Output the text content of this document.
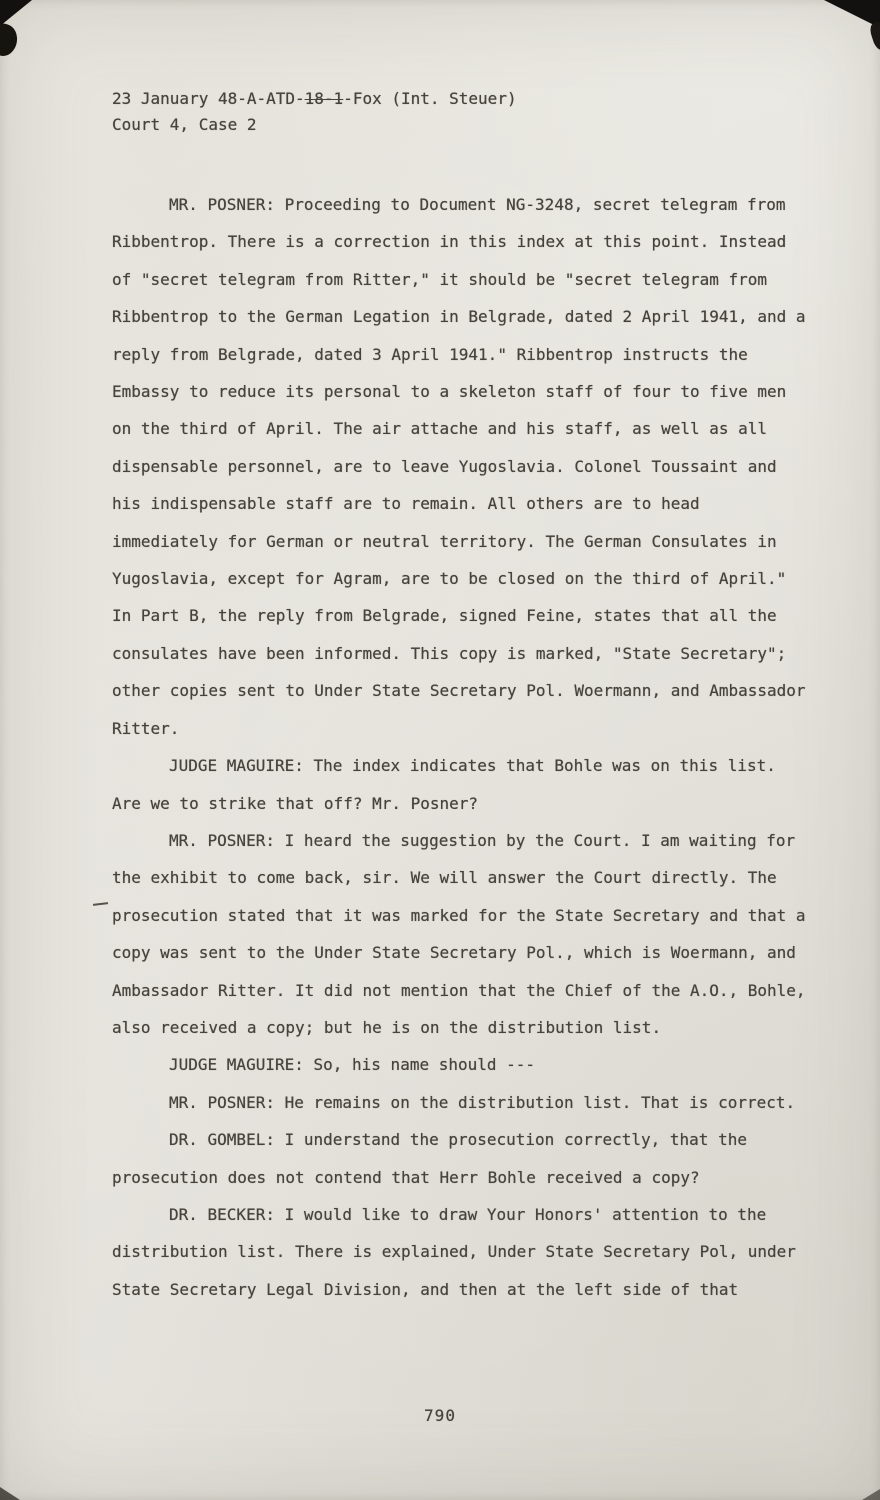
23 January 48-A-ATD-18-1-Fox (Int. Steuer)
Court 4, Case 2

MR. POSNER: Proceeding to Document NG-3248, secret telegram from Ribbentrop. There is a correction in this index at this point. Instead of "secret telegram from Ritter," it should be "secret telegram from Ribbentrop to the German Legation in Belgrade, dated 2 April 1941, and a reply from Belgrade, dated 3 April 1941." Ribbentrop instructs the Embassy to reduce its personal to a skeleton staff of four to five men on the third of April. The air attache and his staff, as well as all dispensable personnel, are to leave Yugoslavia. Colonel Toussaint and his indispensable staff are to remain. All others are to head immediately for German or neutral territory. The German Consulates in Yugoslavia, except for Agram, are to be closed on the third of April." In Part B, the reply from Belgrade, signed Feine, states that all the consulates have been informed. This copy is marked, "State Secretary"; other copies sent to Under State Secretary Pol. Woermann, and Ambassador Ritter.

JUDGE MAGUIRE: The index indicates that Bohle was on this list. Are we to strike that off? Mr. Posner?

MR. POSNER: I heard the suggestion by the Court. I am waiting for the exhibit to come back, sir. We will answer the Court directly. The prosecution stated that it was marked for the State Secretary and that a copy was sent to the Under State Secretary Pol., which is Woermann, and Ambassador Ritter. It did not mention that the Chief of the A.O., Bohle, also received a copy; but he is on the distribution list.

JUDGE MAGUIRE: So, his name should ---

MR. POSNER: He remains on the distribution list. That is correct.

DR. GOMBEL: I understand the prosecution correctly, that the prosecution does not contend that Herr Bohle received a copy?

DR. BECKER: I would like to draw Your Honors' attention to the distribution list. There is explained, Under State Secretary Pol, under State Secretary Legal Division, and then at the left side of that

790
